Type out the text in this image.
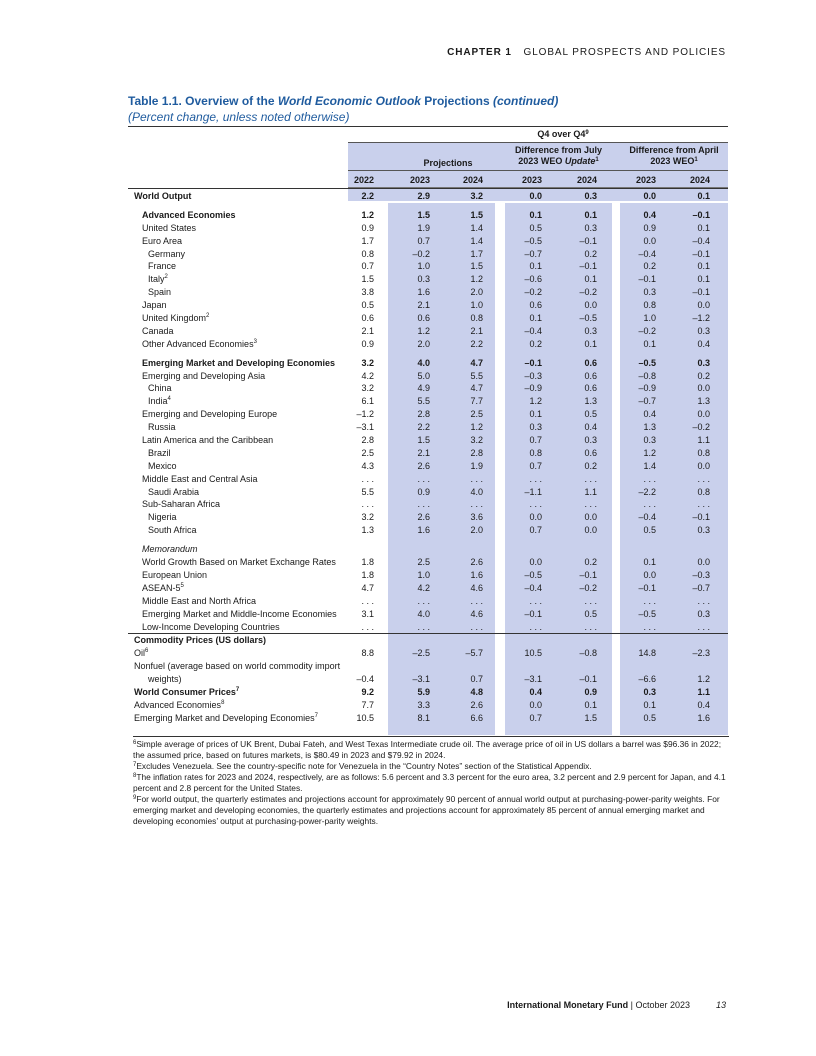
CHAPTER 1 GLOBAL PROSPECTS AND POLICIES
Table 1.1. Overview of the World Economic Outlook Projections (continued)
(Percent change, unless noted otherwise)
Q4 over $Q4^9$
Projections
Difference from July
2023 WEO Update$^1$
Difference from April
2023 WEO$^1$
2022	2023	2024	2023	2024	2023	2024
World Output	2.2	2.9	3.2	0.0	0.3	0.0	0.1
Advanced Economies	1.2	1.5	1.5	0.1	0.1	0.4	–0.1
United States	0.9	1.9	1.4	0.5	0.3	0.9	0.1
Euro Area	1.7	0.7	1.4	–0.5	–0.1	0.0	–0.4
Germany	0.8	–0.2	1.7	–0.7	0.2	–0.4	–0.1
France	0.7	1.0	1.5	0.1	–0.1	0.2	0.1
Italy$^2$	1.5	0.3	1.2	–0.6	0.1	–0.1	0.1
Spain	3.8	1.6	2.0	–0.2	–0.2	0.3	–0.1
Japan	0.5	2.1	1.0	0.6	0.0	0.8	0.0
United Kingdom$^2$	0.6	0.6	0.8	0.1	–0.5	1.0	–1.2
Canada	2.1	1.2	2.1	–0.4	0.3	–0.2	0.3
Other Advanced Economies$^3$	0.9	2.0	2.2	0.2	0.1	0.1	0.4
Emerging Market and Developing Economies	3.2	4.0	4.7	–0.1	0.6	–0.5	0.3
Emerging and Developing Asia	4.2	5.0	5.5	–0.3	0.6	–0.8	0.2
China	3.2	4.9	4.7	–0.9	0.6	–0.9	0.0
India$^4$	6.1	5.5	7.7	1.2	1.3	–0.7	1.3
Emerging and Developing Europe	–1.2	2.8	2.5	0.1	0.5	0.4	0.0
Russia	–3.1	2.2	1.2	0.3	0.4	1.3	–0.2
Latin America and the Caribbean	2.8	1.5	3.2	0.7	0.3	0.3	1.1
Brazil	2.5	2.1	2.8	0.8	0.6	1.2	0.8
Mexico	4.3	2.6	1.9	0.7	0.2	1.4	0.0
Middle East and Central Asia	. . .	. . .	. . .	. . .	. . .	. . .	. . .
Saudi Arabia	5.5	0.9	4.0	–1.1	1.1	–2.2	0.8
Sub-Saharan Africa	. . .	. . .	. . .	. . .	. . .	. . .	. . .
Nigeria	3.2	2.6	3.6	0.0	0.0	–0.4	–0.1
South Africa	1.3	1.6	2.0	0.7	0.0	0.5	0.3
Memorandum
World Growth Based on Market Exchange Rates	1.8	2.5	2.6	0.0	0.2	0.1	0.0
European Union	1.8	1.0	1.6	–0.5	–0.1	0.0	–0.3
ASEAN-$5^5$	4.7	4.2	4.6	–0.4	–0.2	–0.1	–0.7
Middle East and North Africa	. . .	. . .	. . .	. . .	. . .	. . .	. . .
Emerging Market and Middle-Income Economies	3.1	4.0	4.6	–0.1	0.5	–0.5	0.3
Low-Income Developing Countries	. . .	. . .	. . .	. . .	. . .	. . .	. . .
Commodity Prices (US dollars)
Oil$^6$	8.8	–2.5	–5.7	10.5	–0.8	14.8	–2.3
Nonfuel (average based on world commodity import
weights)	–0.4	–3.1	0.7	–3.1	–0.1	–6.6	1.2
World Consumer Prices$^7$	9.2	5.9	4.8	0.4	0.9	0.3	1.1
Advanced Economies$^8$	7.7	3.3	2.6	0.0	0.1	0.1	0.4
Emerging Market and Developing Economies$^7$	10.5	8.1	6.6	0.7	1.5	0.5	1.6

$^6$Simple average of prices of UK Brent, Dubai Fateh, and West Texas Intermediate crude oil. The average price of oil in US dollars a barrel was $96.36 in 2022; the assumed price, based on futures markets, is $80.49 in 2023 and $79.92 in 2024.

$^7$Excludes Venezuela. See the country-specific note for Venezuela in the “Country Notes” section of the Statistical Appendix.

$^8$The inflation rates for 2023 and 2024, respectively, are as follows: 5.6 percent and 3.3 percent for the euro area, 3.2 percent and 2.9 percent for Japan, and 4.1 percent and 2.8 percent for the United States.

$^9$For world output, the quarterly estimates and projections account for approximately 90 percent of annual world output at purchasing-power-parity weights. For emerging market and developing economies, the quarterly estimates and projections account for approximately 85 percent of annual emerging market and developing economies’ output at purchasing-power-parity weights.

International Monetary Fund | October 2023	13
